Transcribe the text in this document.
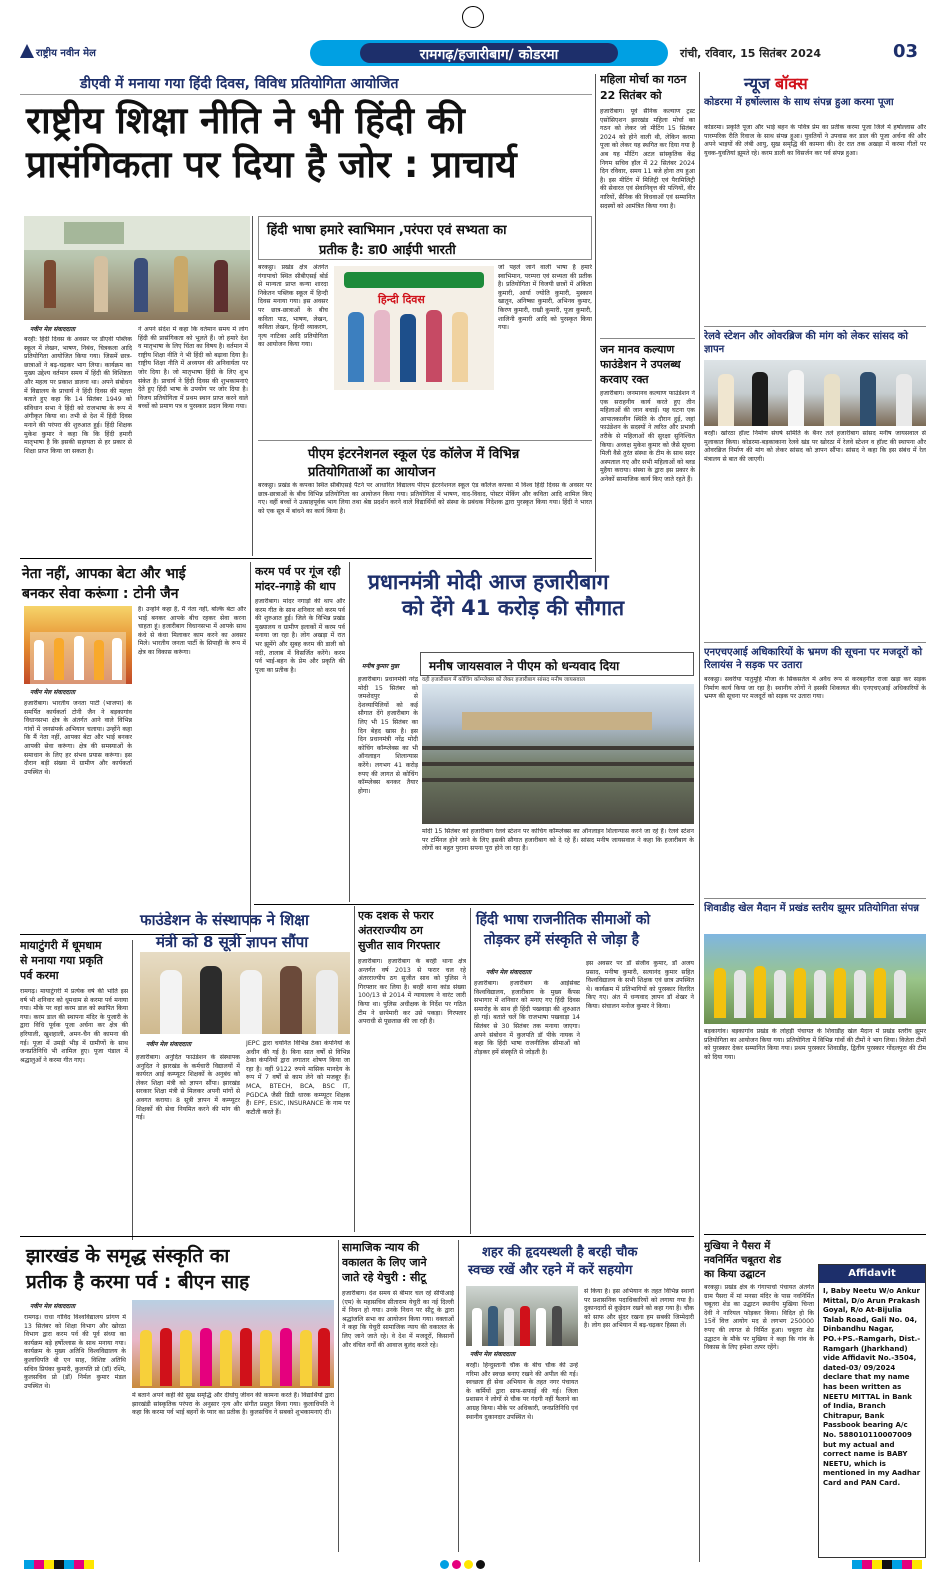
राष्ट्रीय नवीन मेल	रामगढ़/हजारीबाग/ कोडरमा	रांची, रविवार, 15 सितंबर 2024	03
डीएवी में मनाया गया हिंदी दिवस, विविध प्रतियोगिता आयोजित
राष्ट्रीय शिक्षा नीति ने भी हिंदी की
प्रासंगिकता पर दिया है जोर : प्राचार्य
नवीन मेल संवाददाता
बरही: हिंदी दिवस के अवसर पर डीएवी पब्लिक स्कूल में लेखन, भाषण, निबंध, चित्रकला आदि प्रतियोगिता आयोजित किया गया। जिसमें छात्र-छात्राओं ने बढ़-चढ़कर भाग लिया। कार्यक्रम का मुख्य उद्देश्य वर्तमान समय में हिंदी की विशिष्टता और महत्व पर प्रकाश डालना था। अपने संबोधन में विद्यालय के प्राचार्य ने हिंदी दिवस की महत्ता बताते हुए कहा कि 14 सितंबर 1949 को संविधान सभा ने हिंदी को राजभाषा के रूप में अंगीकृत किया था। तभी से देश में हिंदी दिवस मनाने की परंपरा की शुरुआत हुई। हिंदी शिक्षक मुकेश कुमार ने कहा कि कि हिंदी हमारी मातृभाषा है कि इसकी सहायता से हर प्रकार से शिक्षा प्राप्त किया जा सकता है।
ने अपने संदेश में कहा कि वर्तमान समय में लोग हिंदी की प्रासंगिकता को भूलते हैं। जो हमारे देश व मातृभाषा के लिए चिंता का विषय है। वर्तमान में राष्ट्रीय शिक्षा नीति ने भी हिंदी को बढ़ावा दिया है। राष्ट्रीय शिक्षा नीति में अध्ययन की अनिवार्यता पर जोर दिया है। जो मातृभाषा हिंदी के लिए शुभ संकेत है। प्राचार्य ने हिंदी दिवस की शुभकामनाएं देते हुए हिंदी भाषा के उपयोग पर जोर दिया है। विजय प्रतियोगिता में प्रथम स्थान प्राप्त करने वाले बच्चों को प्रमाण पत्र व पुरस्कार प्रदान किया गया।
हिंदी भाषा हमारे स्वाभिमान ,परंपरा एवं सभ्यता का
प्रतीक है: डा0 आईपी भारती
बरकट्ठा। प्रखंड क्षेत्र अंतर्गत गंगापाचो स्थित सीबीएसई बोर्ड से मान्यता प्राप्त कन्या शारदा निकेतन पब्लिक स्कूल में हिन्दी दिवस मनाया गया। इस अवसर पर छात्र-छात्राओं के बीच कविता पाठ, भाषण, लेखन, कविता लेखन, हिन्दी व्याकरण, नृत्य नाटिका आदि प्रतियोगिता का आयोजन किया गया।
जो पहले जाने वाली भाषा है हमारे स्वाभिमान, परम्परा एवं सभ्यता की प्रतीक है। प्रतियोगिता में विजयी छात्रों में अंकिता कुमारी, आर्या ज्योति कुमारी, मुस्कान खातून, अनिष्का कुमारी, अभिनव कुमार, किरण कुमारी, राखी कुमारी, पूजा कुमारी, शालिनी कुमारी आदि को पुरस्कृत किया गया।
हिन्दी दिवस
पीएम इंटरनेशनल स्कूल एंड कॉलेज में विभिन्न
प्रतियोगिताओं का आयोजन
बरकट्ठा। प्रखंड के कपका स्थित सीबीएसई पैटर्न पर आधारित विद्यालय पीएम इंटरनेशनल स्कूल एंड कॉलेज कपका में विश्व हिंदी दिवस के अवसर पर छात्र-छात्राओं के बीच विभिन्न प्रतियोगिता का आयोजन किया गया। प्रतियोगिता में भाषण, वाद-विवाद, पोस्टर मेकिंग और कविता आदि शामिल किए गए। वहीं बच्चों ने उत्साहपूर्वक भाग लिया तथा श्रेष्ठ प्रदर्शन करने वाले विद्यार्थियों को संस्था के प्रबंधक निदेशक द्वारा पुरस्कृत किया गया। हिंदी ने भारत को एक सूत्र में बांधने का कार्य किया है।
महिला मोर्चा का गठन
22 सितंबर को
हजारीबाग। पूर्व सैनिक कल्याण ट्रस्ट एसोसिएशन झारखंड महिला मोर्चा का गठन को लेकर जो मीटिंग 15 सितंबर 2024 को होने वाली थी, लेकिन करमा पूजा को लेकर यह स्थगित कर दिया गया है अब यह मीटिंग अटल सांस्कृतिक केंद्र निगम सचिव हॉल में 22 सितंबर 2024 दिन रविवार, समय 11 बजे होना तय हुआ है। इस मीटिंग में मिलिट्री एवं पैरामिलिट्री की सेवारत एवं सेवानिवृत्त की पत्नियों, वीर नारियों, सैनिक की विधवाओं एवं सम्मानित सदस्यों को आमंत्रित किया गया है।
जन मानव कल्याण
फाउंडेशन ने उपलब्ध
करवाए रक्त
हजारीबाग। जनमानव कल्याण फाउंडेशन ने एक सराहनीय कार्य करते हुए तीन महिलाओं की जान बचाई। यह घटना एक आपातकालीन स्थिति के दौरान हुई, जहां फाउंडेशन के सदस्यों ने त्वरित और प्रभावी तरीके से महिलाओं की सुरक्षा सुनिश्चित किया। अध्यक्ष मुकेश कुमार को जैसे सूचना मिली वैसे तुरंत संस्था के टीम के साथ सदर अस्पताल गए और सभी महिलाओं को ब्लड मुहैया कराया। संस्था के द्वारा इस प्रकार के अनेकों सामाजिक कार्य किए जाते रहते हैं।
न्यूज बॉक्स
कोडरमा में हर्षोल्लास के साथ संपन्न हुआ करमा पूजा
कोडरमा। प्रकृति पूजा और भाई बहन के पवित्र प्रेम का प्रतीक करमा पूजा जिले में हर्षोल्लास और पारम्परिक रीति रिवाज के साथ संपन्न हुआ। युवतियों ने उपवास कर डाल की पूजा अर्चना की और अपने भाइयों की लंबी आयु, सुख समृद्धि की कामना की। देर रात तक अखड़ा में करमा गीतों पर युवक-युवतियां झूमते रहे। करम डाली का विसर्जन कर पर्व संपन्न हुआ।
रेलवे स्टेशन और ओवरब्रिज की मांग को लेकर सांसद को ज्ञापन
बरही। खोरठा हॉल्ट निर्माण संघर्ष समिति के बैनर तले हजारीबाग सांसद मनीष जायसवाल से मुलाकात किया। कोडरमा-बड़काकाना रेलवे खंड पर खोरठा में रेलवे स्टेशन व हॉल्ट की स्थापना और ओवरब्रिज निर्माण की मांग को लेकर सांसद को ज्ञापन सौंपा। सांसद ने कहा कि इस संबंध में रेल मंत्रालय से बात की जाएगी।
एनएचएआई अधिकारियों के भ्रमण की सूचना पर मजदूरों को रिलायंस ने सड़क पर उतारा
बरकट्ठा। सवरीया पातुमूहि मौजा के सिकसतेल में अवैध रूप से करबहनीत राजा खड़ा कर सड़क निर्माण कार्य किया जा रहा है। स्थानीय लोगों ने इसकी शिकायत की। एनएचएआई अधिकारियों के भ्रमण की सूचना पर मजदूरों को सड़क पर उतारा गया।
शिवाडीह खेल मैदान में प्रखंड स्तरीय झूमर प्रतियोगिता संपन्न
बड़कागांव। बड़कागांव प्रखंड के लोहड़ी पंचायत के शिवाडीह खेल मैदान में प्रखंड स्तरीय झूमर प्रतियोगिता का आयोजन किया गया। प्रतियोगिता में विभिन्न गांवों की टीमों ने भाग लिया। विजेता टीमों को पुरस्कार देकर सम्मानित किया गया। प्रथम पुरस्कार शिवाडीह, द्वितीय पुरस्कार गोंदलपुरा की टीम को दिया गया।
नेता नहीं, आपका बेटा और भाई
बनकर सेवा करूंगा : टोनी जैन
नवीन मेल संवाददाता
हजारीबाग। भारतीय जनता पार्टी (भाजपा) के समर्पित कार्यकर्ता टोनी जैन ने बड़कागांव विधानसभा क्षेत्र के अंतर्गत आने वाले विभिन्न गांवों में जनसंपर्क अभियान चलाया। उन्होंने कहा कि मैं नेता नहीं, आपका बेटा और भाई बनकर आपकी सेवा करूंगा। क्षेत्र की समस्याओं के समाधान के लिए हर संभव प्रयास करूंगा। इस दौरान बड़ी संख्या में ग्रामीण और कार्यकर्ता उपस्थित थे।
है। उन्होंने कहा है, मैं नेता नहीं, बल्कि बेटा और भाई बनकर आपके बीच रहकर सेवा करना चाहता हूं। हजारीबाग विधानसभा में आपके साथ कंधे से कंधा मिलाकर काम करने का अवसर मिले। भारतीय जनता पार्टी के सिपाही के रूप में क्षेत्र का विकास करूंगा।
करम पर्व पर गूंज रही
मांदर-नगाड़े की थाप
हजारीबाग। मांदर नगाड़ों की थाप और करम गीत के साथ शनिवार को करम पर्व की शुरुआत हुई। जिले के विभिन्न प्रखंड मुख्यालय व ग्रामीण इलाकों में करम पर्व मनाया जा रहा है। लोग अखड़ा में रात भर झूमेंगे और सुबह करम की डाली को नदी, तालाब में विसर्जित करेंगे। करम पर्व भाई-बहन के प्रेम और प्रकृति की पूजा का प्रतीक है।
प्रधानमंत्री मोदी आज हजारीबाग
को देंगे 41 करोड़ की सौगात
मनीष कुमार मुन्ना	मनीष जायसवाल ने पीएम को धन्यवाद दिया
हजारीबाग। प्रधानमंत्री नरेंद्र मोदी 15 सितंबर को जमशेदपुर से देशव्यापिलियों को कई सौगात देंगे हजारीबाग के लिए भी 15 सितंबर का दिन बेहद खास है। इस दिन प्रधानमंत्री नरेंद्र मोदी कोचिंग कॉम्प्लेक्स का भी ऑनलाइन शिलान्यास करेंगे। लगभग 41 करोड़ रुपए की लागत से कोचिंग कॉम्प्लेक्स बनकर तैयार होगा।
वही हजारीबाग में कोचिंग कॉम्प्लेक्स को लेकर हजारीबाग सांसद मनीष जायसवाल
मोदी 15 सितंबर को हजारीबाग रेलवे स्टेशन पर कोचिंग कॉम्प्लेक्स का ऑनलाइन शिलान्यास करने जा रहे हैं। रेलवे स्टेशन पर टर्मिनल होने जाने के लिए इसकी सौगात हजारीबाग को दे रहे हैं। सांसद मनीष जायसवाल ने कहा कि हजारीबाग के लोगों का बहुत पुराना सपना पूरा होने जा रहा है।
मायाटुंगरी में धूमधाम
से मनाया गया प्रकृति
पर्व करमा
रामगढ़। मायाटुंगरी में प्रत्येक वर्ष की भांति इस वर्ष भी शनिवार को धूमधाम से करमा पर्व मनाया गया। मौके पर वहां करम डाल को स्थापित किया गया। करम डाल की स्थापना मंदिर के पुजारी के द्वारा विधि पूर्वक पूजा अर्चना कर क्षेत्र की हरियाली, खुशहाली, अमन-चैन की कामना की गई। पूजा में उमड़ी भीड़ में ग्रामीणों के साथ जनप्रतिनिधि भी शामिल हुए। पूजा पंडाल में श्रद्धालुओं ने करमा गीत गाए।
फाउंडेशन के संस्थापक ने शिक्षा
मंत्री को 8 सूत्री ज्ञापन सौंपा
नवीन मेल संवाददाता
हजारीबाग। अनुदित फाउंडेशन के संस्थापक अनुदित ने झारखंड के कर्मचारी विद्यालयों में कार्यरत आई कम्प्यूटर शिक्षकों के अनुबंध को लेकर शिक्षा मंत्री को ज्ञापन सौंपा। झारखंड सरकार शिक्षा मंत्री से मिलकर अपनी मांगों से अवगत कराया। 8 सूत्री ज्ञापन में कम्प्यूटर शिक्षकों की सेवा नियमित करने की मांग की गई।
JEPC द्वारा चयनित विभिन्न ठेका कंपनियों के अधीन की गई है। बिना सात वर्षों से विभिन्न ठेका कंपनियों द्वारा लगातार शोषण किया जा रहा है। वहीं 9122 रुपये मासिक मानदेय के रूप में 7 वर्षों से काम लेने को मजबूर हैं। MCA, BTECH, BCA, BSC IT, PGDCA जैसी डिग्री धारक कम्प्यूटर शिक्षक हैं। EPF, ESIC, INSURANCE के नाम पर कटौती करते हैं।
एक दशक से फरार
अंतरराज्यीय ठग
सुजीत साव गिरफ्तार
हजारीबाग। हजारीबाग के बरही थाना क्षेत्र अन्तर्गत वर्ष 2013 से फरार चल रहे अंतरराज्यीय ठग सुजीत साव को पुलिस ने गिरफ्तार कर लिया है। बरही थाना कांड संख्या 100/13 से 2014 में न्यायालय ने वारंट जारी किया था। पुलिस अधीक्षक के निर्देश पर गठित टीम ने छापेमारी कर उसे पकड़ा। गिरफ्तार अपराधी से पूछताछ की जा रही है।
हिंदी भाषा राजनीतिक सीमाओं को
तोड़कर हमें संस्कृति से जोड़ा है
नवीन मेल संवाददाता
हजारीबाग। हजारीबाग के आईसेक्ट विश्वविद्यालय, हजारीबाग के मुख्य कैंपस सभागार में शनिवार को मनाए गए हिंदी दिवस समारोह के साथ ही हिंदी पखवाड़ा की शुरुआत हो गई। बताते चलें कि राजभाषा पखवाड़ा 14 सितंबर से 30 सितंबर तक मनाया जाएगा। अपने संबोधन में कुलपति डॉ पीके नायक ने कहा कि हिंदी भाषा राजनीतिक सीमाओं को तोड़कर हमें संस्कृति से जोड़ती है।
इस अवसर पर डॉ संजीव कुमार, डॉ अजय प्रसाद, मनीषा कुमारी, सत्यानंद कुमार सहित विश्वविद्यालय के सभी शिक्षक एवं छात्र उपस्थित थे। कार्यक्रम में प्रतिभागियों को पुरस्कार वितरित किए गए। अंत में धन्यवाद ज्ञापन डॉ शेखर ने किया। संचालन मनोज कुमार ने किया।
झारखंड के समृद्ध संस्कृति का
प्रतीक है करमा पर्व : बीएन साह
नवीन मेल संवाददाता
रामगढ़। राधा गोविंद विश्वविद्यालय प्रांगण में 13 सितंबर को शिक्षा विभाग और खोरठा विभाग द्वारा करम पर्व की पूर्व संध्या का कार्यक्रम बड़े हर्षोल्लास के साथ मनाया गया। कार्यक्रम के मुख्य अतिथि विश्वविद्यालय के कुलाधिपति बी एन साह, विशिष्ट अतिथि सचिव प्रियंका कुमारी, कुलपति प्रो (डॉ) रश्मि, कुलसचिव प्रो (डॉ) निर्मल कुमार मंडल उपस्थित थे।
में बताने अपने कहीं की सुख समृद्धि और दीर्घायु जीवन की कामना करते हैं। विद्यार्थियों द्वारा झारखंडी सांस्कृतिक परंपरा के अनुसार नृत्य और संगीत प्रस्तुत किया गया। कुलाधिपति ने कहा कि करमा पर्व भाई बहनों के प्यार का प्रतीक है। कुलसचिव ने सबको शुभकामनाएं दी।
सामाजिक न्याय की
वकालत के लिए जाने
जाते रहे येचुरी : सीटू
हजारीबाग। देश समय से बीमार चल रहे सीपीआई (एम) के महासचिव सीताराम येचुरी का नई दिल्ली में निधन हो गया। उनके निधन पर सीटू के द्वारा श्रद्धांजलि सभा का आयोजन किया गया। वक्ताओं ने कहा कि येचुरी सामाजिक न्याय की वकालत के लिए जाने जाते रहे। वे देश में मजदूरों, किसानों और वंचित वर्गों की आवाज बुलंद करते रहे।
शहर की हृदयस्थली है बरही चौक
स्वच्छ रखें और रहने में करें सहयोग
नवीन मेल संवाददाता
बरही। हिन्दुस्तानी चौक के बीच चौक की उन्हें गरिमा और स्वच्छ बनाए रखने की अपील की गई। स्वच्छता ही सेवा अभियान के तहत नगर पंचायत के कर्मियों द्वारा साफ-सफाई की गई। जिला प्रशासन ने लोगों से चौक पर गंदगी नहीं फैलाने का आग्रह किया। मौके पर अधिकारी, जनप्रतिनिधि एवं स्थानीय दुकानदार उपस्थित थे।
से किया है। इस अभियान के तहत विभिन्न स्थानों पर प्रशासनिक पदाधिकारियों को लगाया गया है। दुकानदारों से कूड़ेदान रखने को कहा गया है। चौक को साफ और सुंदर रखना हम सबकी जिम्मेदारी है। लोग इस अभियान में बढ़-चढ़कर हिस्सा लें।
मुखिया ने पैसरा में
नवनिर्मित चबूतरा शेड
का किया उद्घाटन
बरकट्ठा। प्रखंड क्षेत्र के गंगापाचो पंचायत अंतर्गत ग्राम पैसरा में मां मनसा मंदिर के पास नवनिर्मित चबूतरा शेड का उद्घाटन स्थानीय मुखिया चिन्ता देवी ने नारियल फोड़कर किया। विदित हो कि 15वें वित्त आयोग मद से लगभग 250000 रुपए की लागत से निर्मित हुआ। चबूतरा शेड उद्घाटन के मौके पर मुखिया ने कहा कि गांव के विकास के लिए हमेशा तत्पर रहेंगे।
Affidavit
I, Baby Neetu W/o Ankur Mittal, D/o Arun Prakash Goyal, R/o At-Bijulia Talab Road, Gali No. 04, Dinbandhu Nagar, PO.+PS.-Ramgarh, Dist.- Ramgarh (Jharkhand) vide Affidavit No.-3504, dated-03/ 09/2024 declare that my name has been written as NEETU MITTAL in Bank of India, Branch Chitrapur, Bank Passbook bearing A/c No. 588010110007009 but my actual and correct name is BABY NEETU, which is mentioned in my Aadhar Card and PAN Card.
